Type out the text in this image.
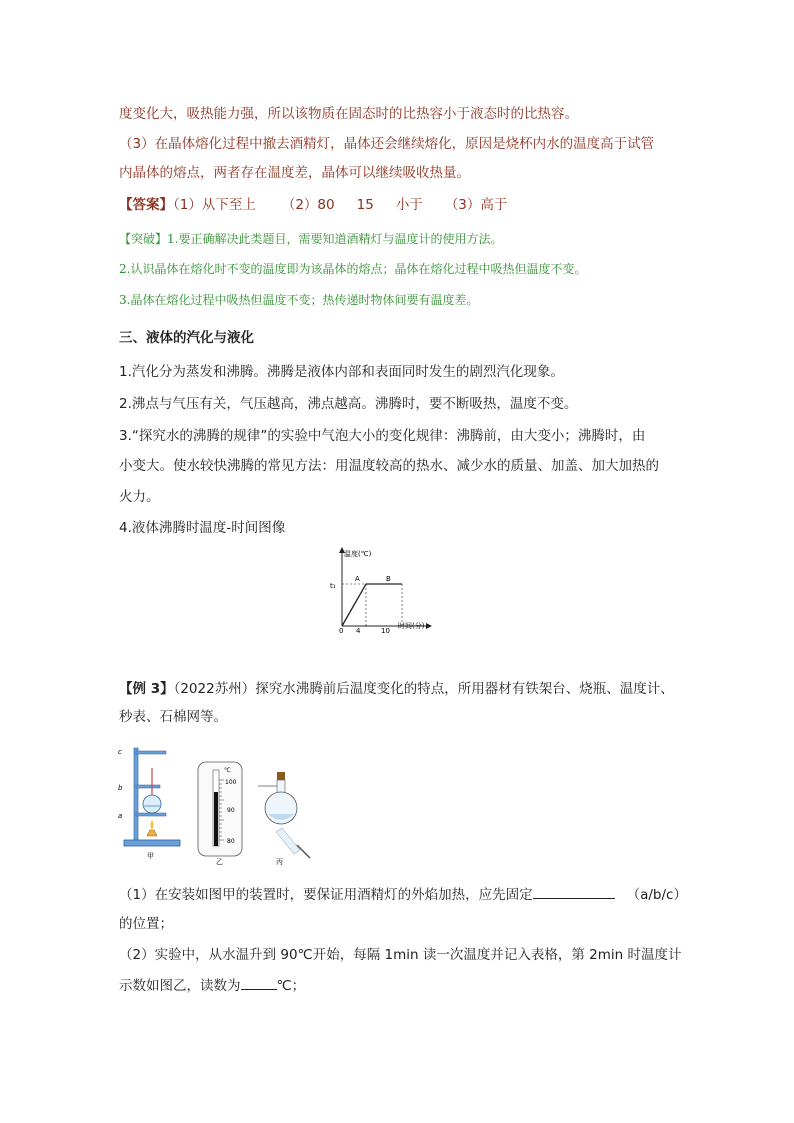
度变化大，吸热能力强，所以该物质在固态时的比热容小于液态时的比热容。
（3）在晶体熔化过程中撤去酒精灯，晶体还会继续熔化，原因是烧杯内水的温度高于试管
内晶体的熔点，两者存在温度差，晶体可以继续吸收热量。
【答案】（1）从下至上 （2）80 15 小于 （3）高于
【突破】1.要正确解决此类题目，需要知道酒精灯与温度计的使用方法。
2.认识晶体在熔化时不变的温度即为该晶体的熔点；晶体在熔化过程中吸热但温度不变。
3.晶体在熔化过程中吸热但温度不变；热传递时物体间要有温度差。
三、液体的汽化与液化
1.汽化分为蒸发和沸腾。沸腾是液体内部和表面同时发生的剧烈汽化现象。
2.沸点与气压有关，气压越高，沸点越高。沸腾时，要不断吸热，温度不变。
3.“探究水的沸腾的规律”的实验中气泡大小的变化规律：沸腾前，由大变小；沸腾时，由
小变大。使水较快沸腾的常见方法：用温度较高的热水、减少水的质量、加盖、加大加热的
火力。
4.液体沸腾时温度-时间图像
温度(℃)
时间(分)
t₁
A	B
0 4	10
【例 3】（2022苏州）探究水沸腾前后温度变化的特点，所用器材有铁架台、烧瓶、温度计、
秒表、石棉网等。
c
b
a
甲
℃
100
90
80
乙	丙
（1）在安装如图甲的装置时，要保证用酒精灯的外焰加热，应先固定	（a/b/c）
的位置；
（2）实验中，从水温升到 90℃开始，每隔 1min 读一次温度并记入表格，第 2min 时温度计
示数如图乙，读数为	℃；
